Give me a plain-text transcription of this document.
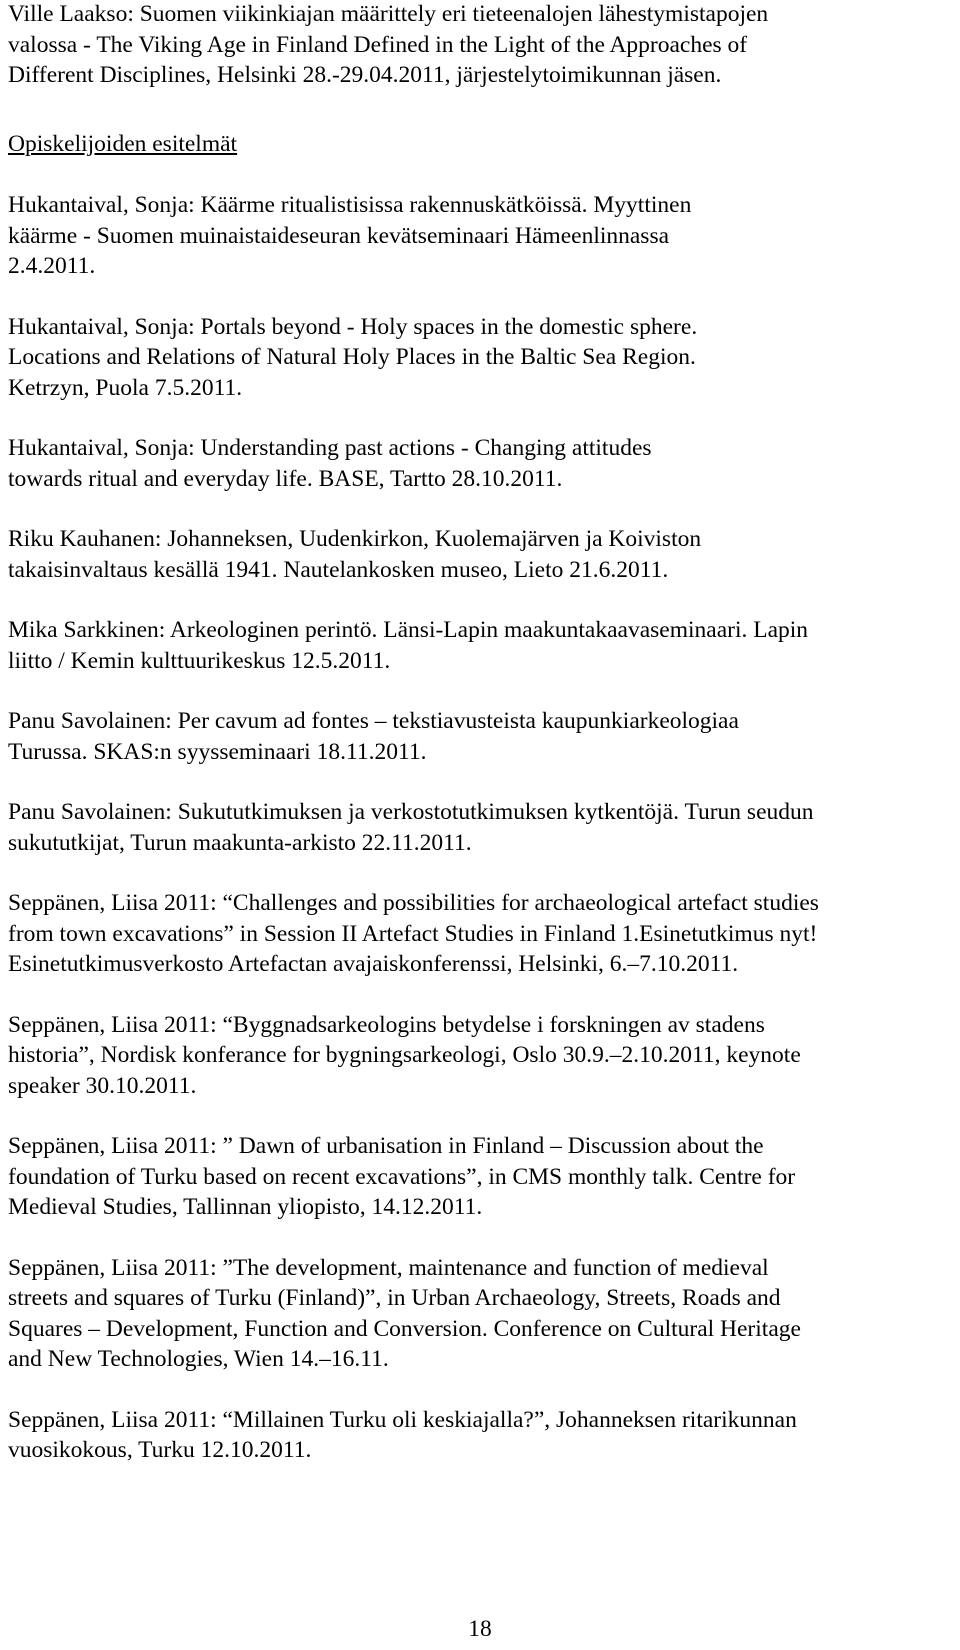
Ville Laakso: Suomen viikinkiajan määrittely eri tieteenalojen lähestymistapojen
valossa - The Viking Age in Finland Defined in the Light of the Approaches of
Different Disciplines, Helsinki 28.-29.04.2011, järjestelytoimikunnan jäsen.

Opiskelijoiden esitelmät

Hukantaival, Sonja: Käärme ritualistisissa rakennuskätköissä. Myyttinen
käärme - Suomen muinaistaideseuran kevätseminaari Hämeenlinnassa
2.4.2011.

Hukantaival, Sonja: Portals beyond - Holy spaces in the domestic sphere.
Locations and Relations of Natural Holy Places in the Baltic Sea Region.
Ketrzyn, Puola 7.5.2011.

Hukantaival, Sonja: Understanding past actions - Changing attitudes
towards ritual and everyday life. BASE, Tartto 28.10.2011.

Riku Kauhanen: Johanneksen, Uudenkirkon, Kuolemajärven ja Koiviston
takaisinvaltaus kesällä 1941. Nautelankosken museo, Lieto 21.6.2011.

Mika Sarkkinen: Arkeologinen perintö. Länsi-Lapin maakuntakaavaseminaari. Lapin
liitto / Kemin kulttuurikeskus 12.5.2011.

Panu Savolainen: Per cavum ad fontes – tekstiavusteista kaupunkiarkeologiaa
Turussa. SKAS:n syysseminaari 18.11.2011.

Panu Savolainen: Sukututkimuksen ja verkostotutkimuksen kytkentöjä. Turun seudun
sukututkijat, Turun maakunta-arkisto 22.11.2011.

Seppänen, Liisa 2011: “Challenges and possibilities for archaeological artefact studies
from town excavations” in Session II Artefact Studies in Finland 1.Esinetutkimus nyt!
Esinetutkimusverkosto Artefactan avajaiskonferenssi, Helsinki, 6.–7.10.2011.

Seppänen, Liisa 2011: “Byggnadsarkeologins betydelse i forskningen av stadens
historia”, Nordisk konferance for bygningsarkeologi, Oslo 30.9.–2.10.2011, keynote
speaker 30.10.2011.

Seppänen, Liisa 2011: ” Dawn of urbanisation in Finland – Discussion about the
foundation of Turku based on recent excavations”, in CMS monthly talk. Centre for
Medieval Studies, Tallinnan yliopisto, 14.12.2011.

Seppänen, Liisa 2011: ”The development, maintenance and function of medieval
streets and squares of Turku (Finland)”, in Urban Archaeology, Streets, Roads and
Squares – Development, Function and Conversion. Conference on Cultural Heritage
and New Technologies, Wien 14.–16.11.

Seppänen, Liisa 2011: “Millainen Turku oli keskiajalla?”, Johanneksen ritarikunnan
vuosikokous, Turku 12.10.2011.

18
